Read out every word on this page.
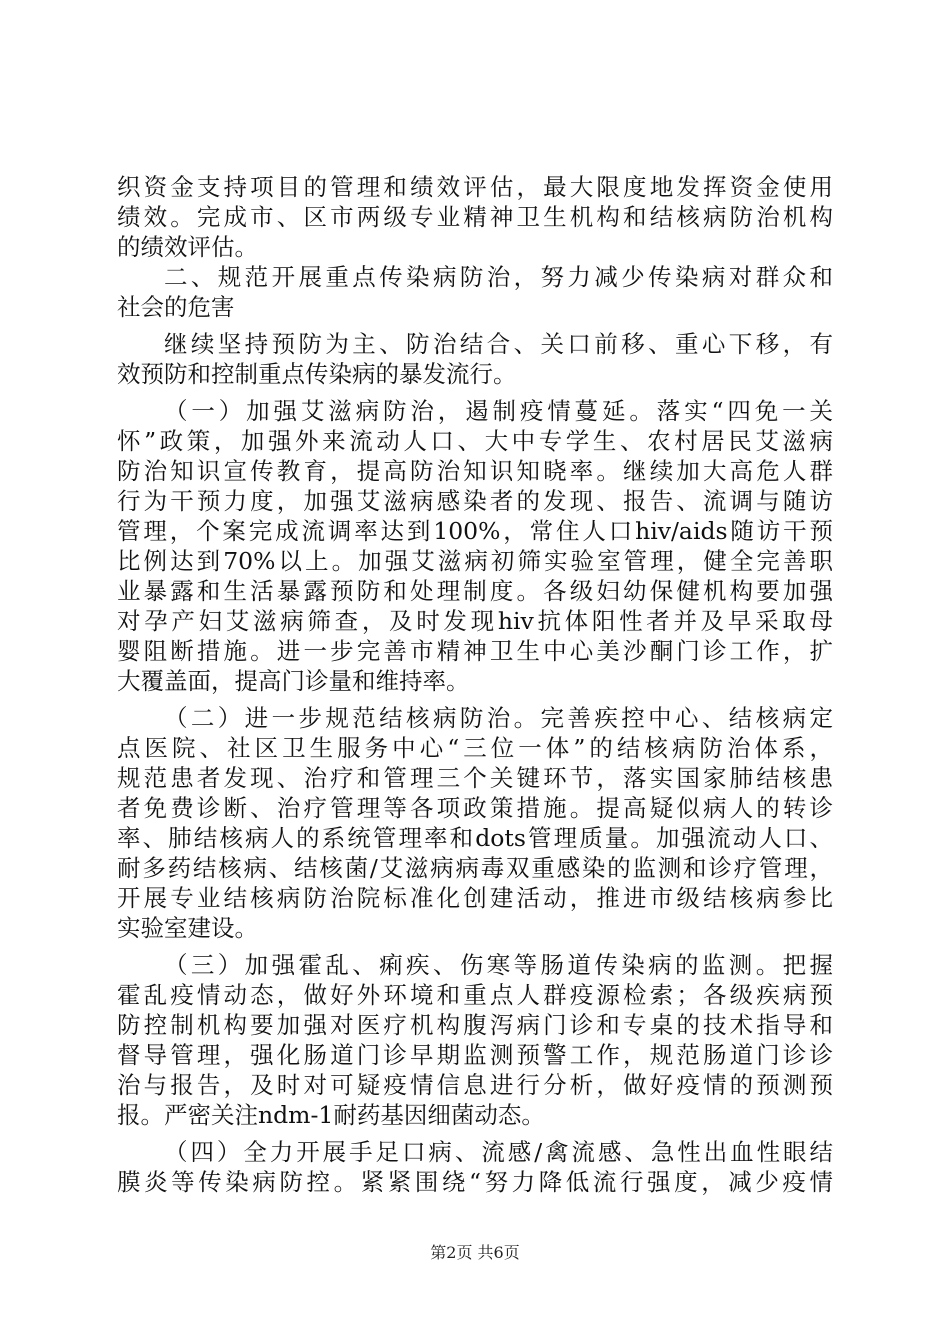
织资金支持项目的管理和绩效评估，最大限度地发挥资金使用
绩效。完成市、区市两级专业精神卫生机构和结核病防治机构
的绩效评估。
二、规范开展重点传染病防治，努力减少传染病对群众和
社会的危害
继续坚持预防为主、防治结合、关口前移、重心下移，有
效预防和控制重点传染病的暴发流行。
（一）加强艾滋病防治，遏制疫情蔓延。落实“四免一关
怀”政策，加强外来流动人口、大中专学生、农村居民艾滋病
防治知识宣传教育，提高防治知识知晓率。继续加大高危人群
行为干预力度，加强艾滋病感染者的发现、报告、流调与随访
管理，个案完成流调率达到100%，常住人口hiv/aids随访干预
比例达到70%以上。加强艾滋病初筛实验室管理，健全完善职
业暴露和生活暴露预防和处理制度。各级妇幼保健机构要加强
对孕产妇艾滋病筛查，及时发现hiv抗体阳性者并及早采取母
婴阻断措施。进一步完善市精神卫生中心美沙酮门诊工作，扩
大覆盖面，提高门诊量和维持率。
（二）进一步规范结核病防治。完善疾控中心、结核病定
点医院、社区卫生服务中心“三位一体”的结核病防治体系，
规范患者发现、治疗和管理三个关键环节，落实国家肺结核患
者免费诊断、治疗管理等各项政策措施。提高疑似病人的转诊
率、肺结核病人的系统管理率和dots管理质量。加强流动人口、
耐多药结核病、结核菌/艾滋病病毒双重感染的监测和诊疗管理，
开展专业结核病防治院标准化创建活动，推进市级结核病参比
实验室建设。
（三）加强霍乱、痢疾、伤寒等肠道传染病的监测。把握
霍乱疫情动态，做好外环境和重点人群疫源检索；各级疾病预
防控制机构要加强对医疗机构腹泻病门诊和专桌的技术指导和
督导管理，强化肠道门诊早期监测预警工作，规范肠道门诊诊
治与报告，及时对可疑疫情信息进行分析，做好疫情的预测预
报。严密关注ndm-1耐药基因细菌动态。
（四）全力开展手足口病、流感/禽流感、急性出血性眼结
膜炎等传染病防控。紧紧围绕“努力降低流行强度，减少疫情
第2页 共6页
